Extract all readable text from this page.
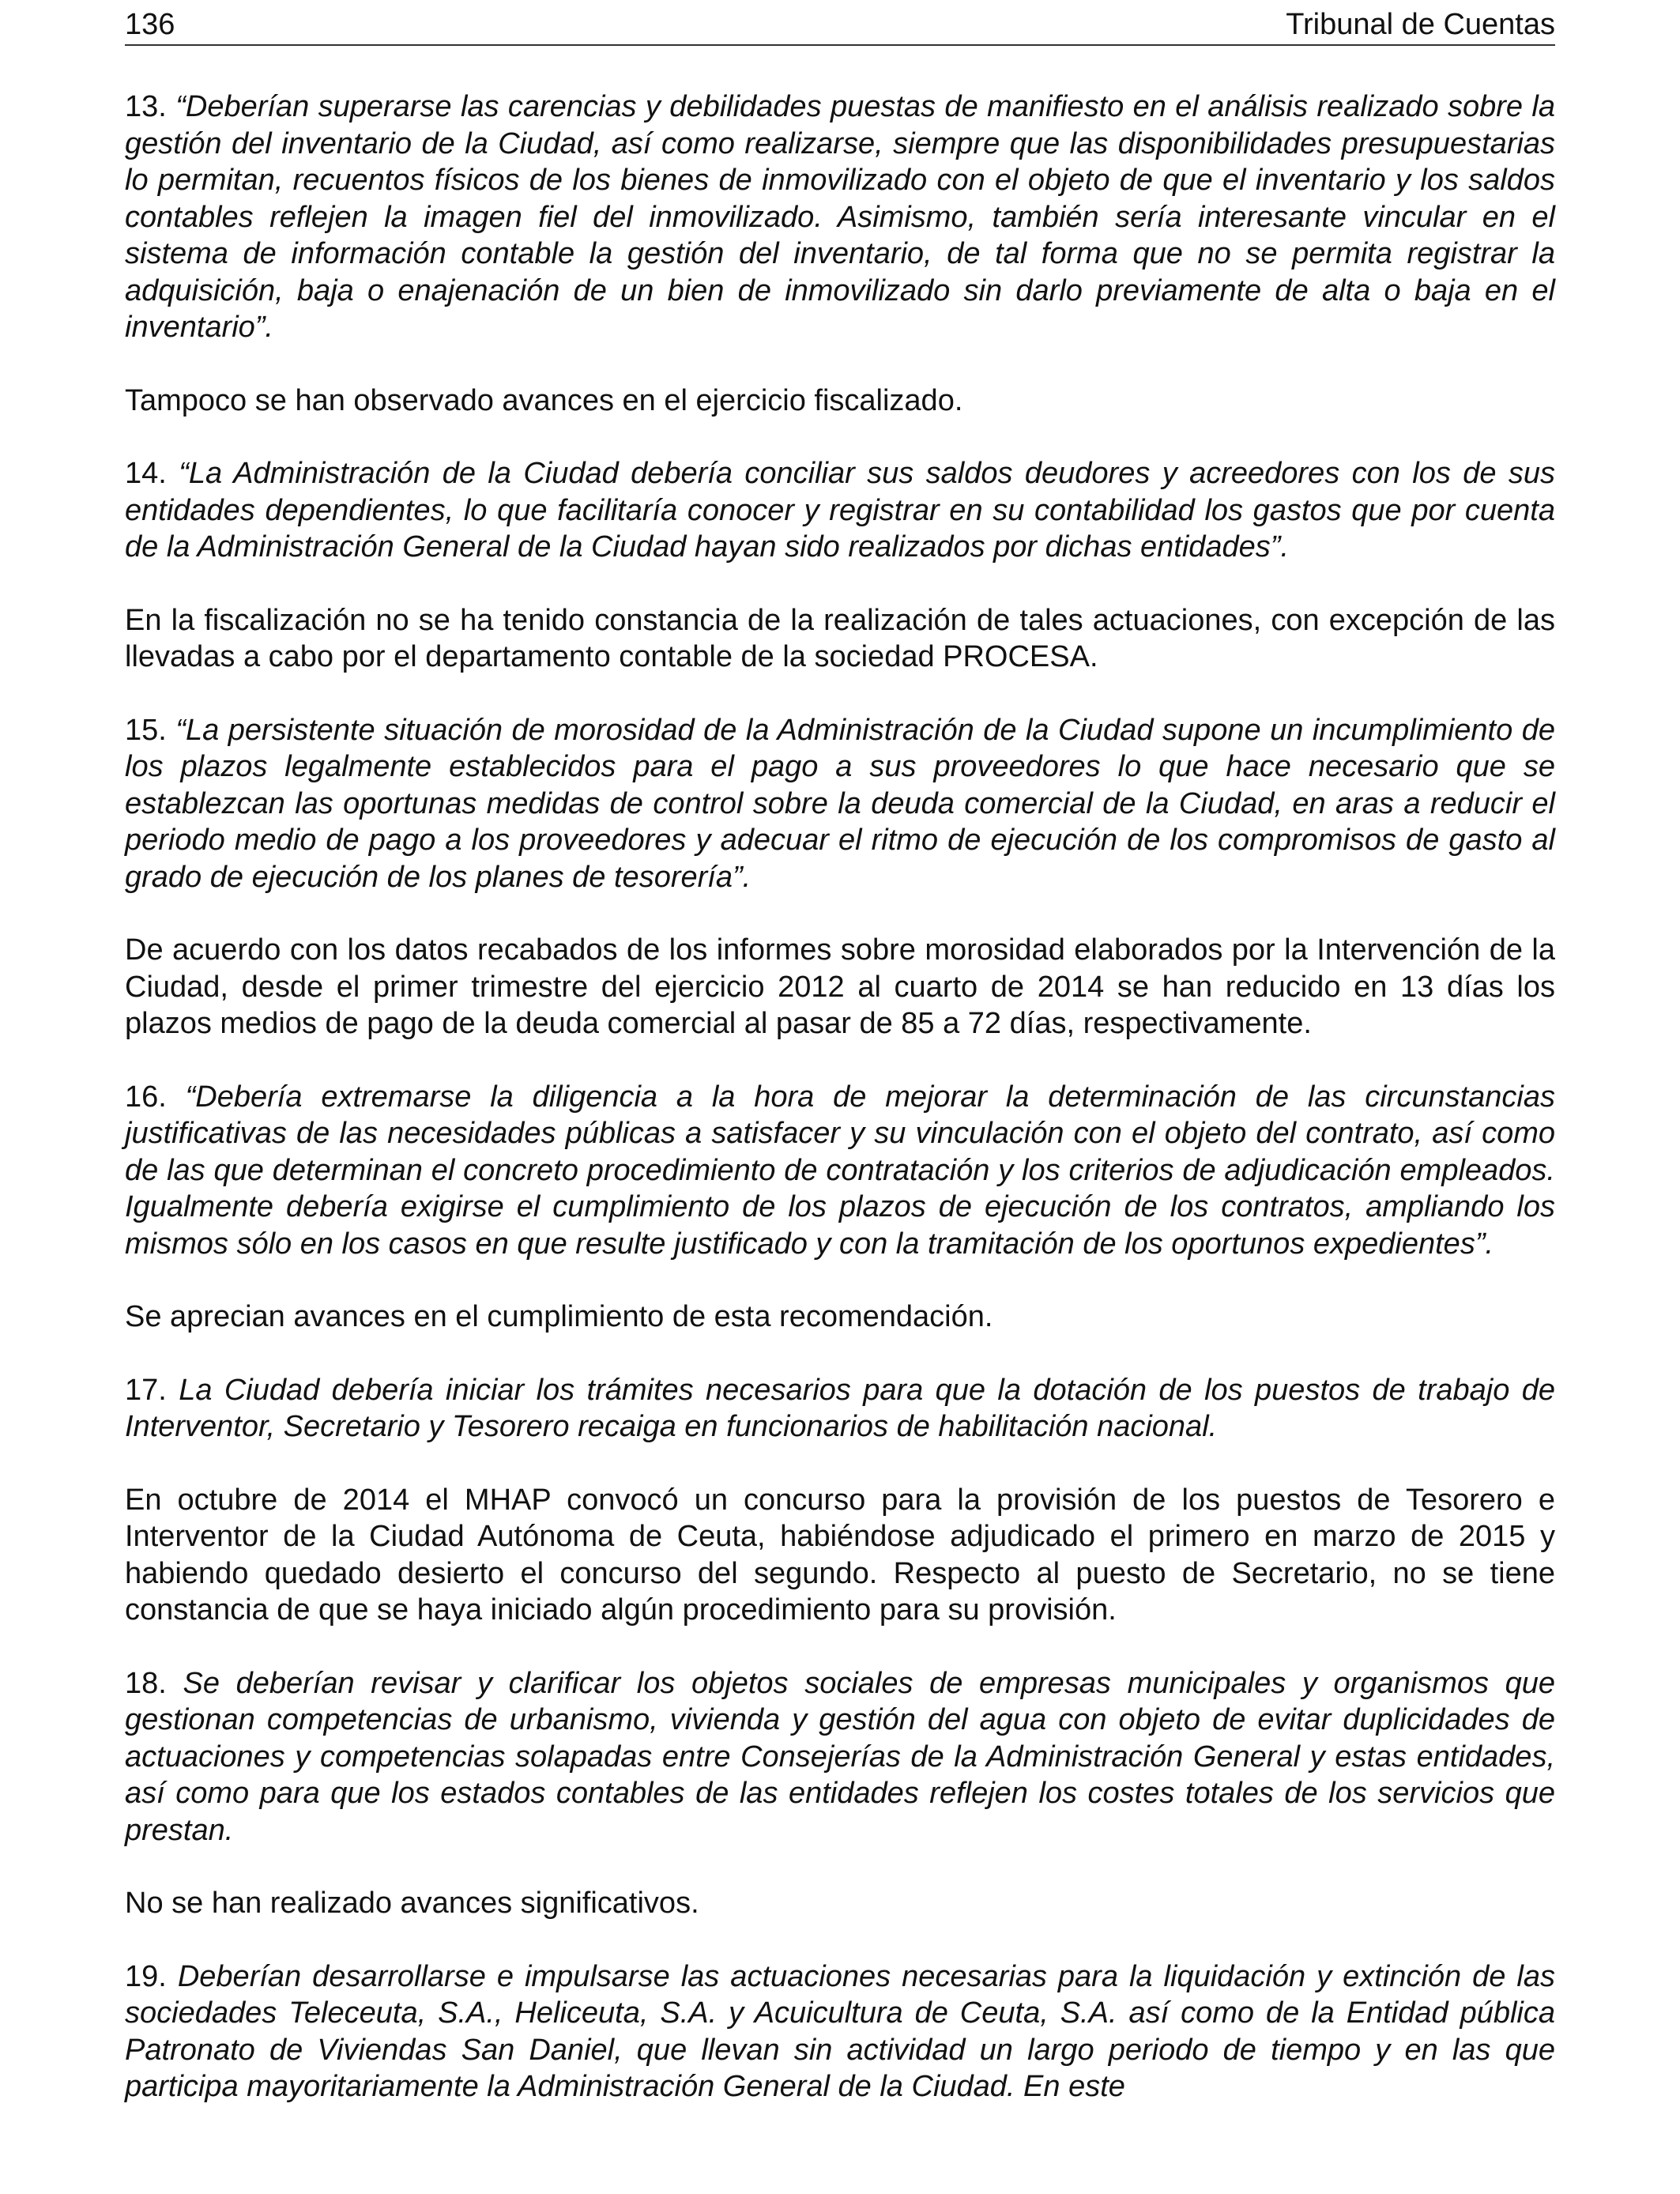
136	Tribunal de Cuentas

13. “Deberían superarse las carencias y debilidades puestas de manifiesto en el análisis realizado sobre la gestión del inventario de la Ciudad, así como realizarse, siempre que las disponibilidades presupuestarias lo permitan, recuentos físicos de los bienes de inmovilizado con el objeto de que el inventario y los saldos contables reflejen la imagen fiel del inmovilizado. Asimismo, también sería interesante vincular en el sistema de información contable la gestión del inventario, de tal forma que no se permita registrar la adquisición, baja o enajenación de un bien de inmovilizado sin darlo previamente de alta o baja en el inventario”.

Tampoco se han observado avances en el ejercicio fiscalizado.

14. “La Administración de la Ciudad debería conciliar sus saldos deudores y acreedores con los de sus entidades dependientes, lo que facilitaría conocer y registrar en su contabilidad los gastos que por cuenta de la Administración General de la Ciudad hayan sido realizados por dichas entidades”.

En la fiscalización no se ha tenido constancia de la realización de tales actuaciones, con excepción de las llevadas a cabo por el departamento contable de la sociedad PROCESA.

15. “La persistente situación de morosidad de la Administración de la Ciudad supone un incumplimiento de los plazos legalmente establecidos para el pago a sus proveedores lo que hace necesario que se establezcan las oportunas medidas de control sobre la deuda comercial de la Ciudad, en aras a reducir el periodo medio de pago a los proveedores y adecuar el ritmo de ejecución de los compromisos de gasto al grado de ejecución de los planes de tesorería”.

De acuerdo con los datos recabados de los informes sobre morosidad elaborados por la Intervención de la Ciudad, desde el primer trimestre del ejercicio 2012 al cuarto de 2014 se han reducido en 13 días los plazos medios de pago de la deuda comercial al pasar de 85 a 72 días, respectivamente.

16. “Debería extremarse la diligencia a la hora de mejorar la determinación de las circunstancias justificativas de las necesidades públicas a satisfacer y su vinculación con el objeto del contrato, así como de las que determinan el concreto procedimiento de contratación y los criterios de adjudicación empleados. Igualmente debería exigirse el cumplimiento de los plazos de ejecución de los contratos, ampliando los mismos sólo en los casos en que resulte justificado y con la tramitación de los oportunos expedientes”.

Se aprecian avances en el cumplimiento de esta recomendación.

17. La Ciudad debería iniciar los trámites necesarios para que la dotación de los puestos de trabajo de Interventor, Secretario y Tesorero recaiga en funcionarios de habilitación nacional.

En octubre de 2014 el MHAP convocó un concurso para la provisión de los puestos de Tesorero e Interventor de la Ciudad Autónoma de Ceuta, habiéndose adjudicado el primero en marzo de 2015 y habiendo quedado desierto el concurso del segundo. Respecto al puesto de Secretario, no se tiene constancia de que se haya iniciado algún procedimiento para su provisión.

18. Se deberían revisar y clarificar los objetos sociales de empresas municipales y organismos que gestionan competencias de urbanismo, vivienda y gestión del agua con objeto de evitar duplicidades de actuaciones y competencias solapadas entre Consejerías de la Administración General y estas entidades, así como para que los estados contables de las entidades reflejen los costes totales de los servicios que prestan.

No se han realizado avances significativos.

19. Deberían desarrollarse e impulsarse las actuaciones necesarias para la liquidación y extinción de las sociedades Teleceuta, S.A., Heliceuta, S.A. y Acuicultura de Ceuta, S.A. así como de la Entidad pública Patronato de Viviendas San Daniel, que llevan sin actividad un largo periodo de tiempo y en las que participa mayoritariamente la Administración General de la Ciudad. En este
